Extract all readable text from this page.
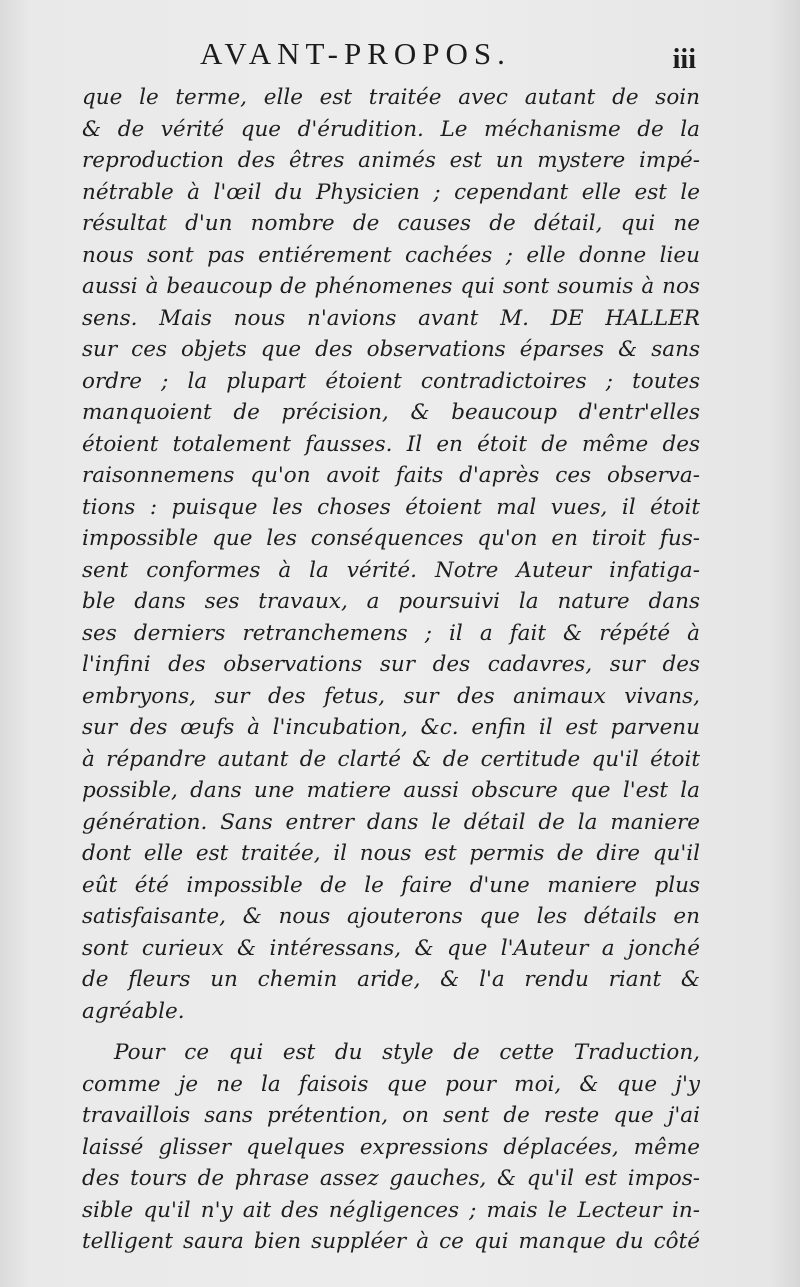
AVANT-PROPOS.	iii
que le terme, elle est traitée avec autant de soin
& de vérité que d'érudition. Le méchanisme de la
reproduction des êtres animés est un mystere impé-
nétrable à l'œil du Physicien ; cependant elle est le
résultat d'un nombre de causes de détail, qui ne
nous sont pas entiérement cachées ; elle donne lieu
aussi à beaucoup de phénomenes qui sont soumis à nos
sens. Mais nous n'avions avant M. DE HALLER
sur ces objets que des observations éparses & sans
ordre ; la plupart étoient contradictoires ; toutes
manquoient de précision, & beaucoup d'entr'elles
étoient totalement fausses. Il en étoit de même des
raisonnemens qu'on avoit faits d'après ces observa-
tions : puisque les choses étoient mal vues, il étoit
impossible que les conséquences qu'on en tiroit fus-
sent conformes à la vérité. Notre Auteur infatiga-
ble dans ses travaux, a poursuivi la nature dans
ses derniers retranchemens ; il a fait & répété à
l'infini des observations sur des cadavres, sur des
embryons, sur des fetus, sur des animaux vivans,
sur des œufs à l'incubation, &c. enfin il est parvenu
à répandre autant de clarté & de certitude qu'il étoit
possible, dans une matiere aussi obscure que l'est la
génération. Sans entrer dans le détail de la maniere
dont elle est traitée, il nous est permis de dire qu'il
eût été impossible de le faire d'une maniere plus
satisfaisante, & nous ajouterons que les détails en
sont curieux & intéressans, & que l'Auteur a jonché
de fleurs un chemin aride, & l'a rendu riant &
agréable.
Pour ce qui est du style de cette Traduction,
comme je ne la faisois que pour moi, & que j'y
travaillois sans prétention, on sent de reste que j'ai
laissé glisser quelques expressions déplacées, même
des tours de phrase assez gauches, & qu'il est impos-
sible qu'il n'y ait des négligences ; mais le Lecteur in-
telligent saura bien suppléer à ce qui manque du côté
